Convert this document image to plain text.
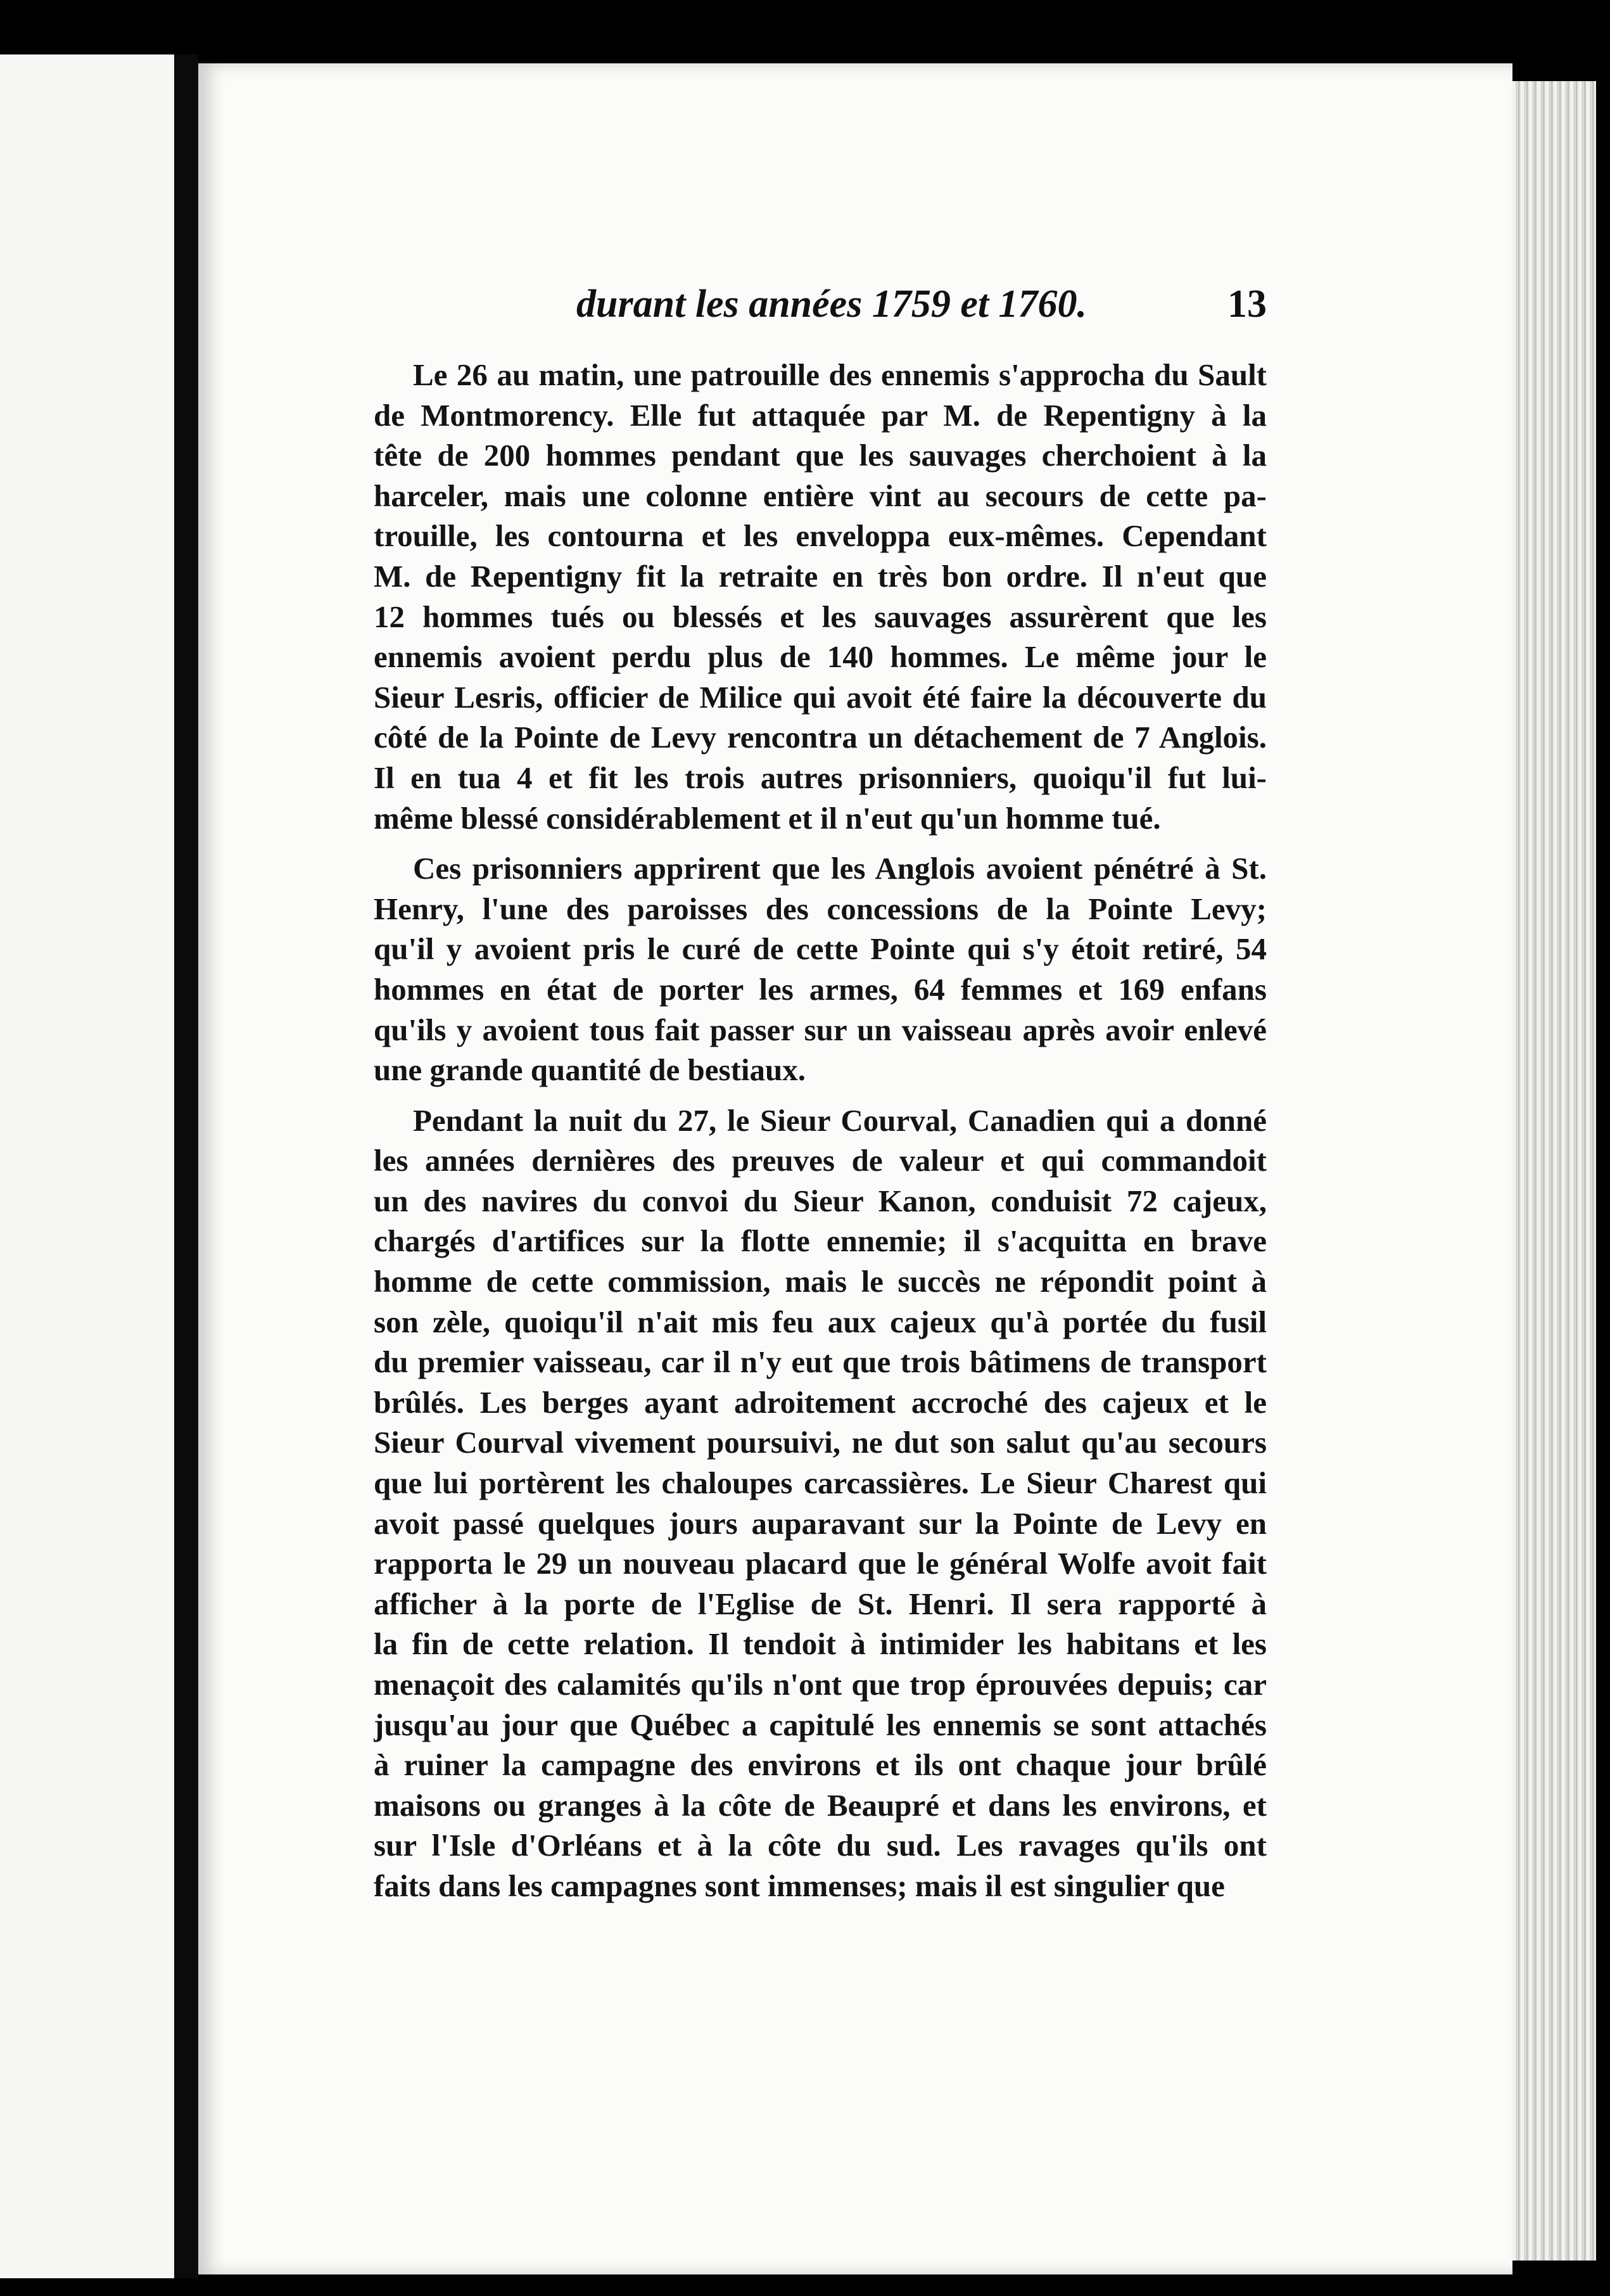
durant les années 1759 et 1760.	13
Le 26 au matin, une patrouille des ennemis s'approcha du Sault
de Montmorency. Elle fut attaquée par M. de Repentigny à la
tête de 200 hommes pendant que les sauvages cherchoient à la
harceler, mais une colonne entière vint au secours de cette pa-
trouille, les contourna et les enveloppa eux-mêmes. Cependant
M. de Repentigny fit la retraite en très bon ordre. Il n'eut que
12 hommes tués ou blessés et les sauvages assurèrent que les
ennemis avoient perdu plus de 140 hommes. Le même jour le
Sieur Lesris, officier de Milice qui avoit été faire la découverte du
côté de la Pointe de Levy rencontra un détachement de 7 Anglois.
Il en tua 4 et fit les trois autres prisonniers, quoiqu'il fut lui-
même blessé considérablement et il n'eut qu'un homme tué.
Ces prisonniers apprirent que les Anglois avoient pénétré à St.
Henry, l'une des paroisses des concessions de la Pointe Levy;
qu'il y avoient pris le curé de cette Pointe qui s'y étoit retiré, 54
hommes en état de porter les armes, 64 femmes et 169 enfans
qu'ils y avoient tous fait passer sur un vaisseau après avoir enlevé
une grande quantité de bestiaux.
Pendant la nuit du 27, le Sieur Courval, Canadien qui a donné
les années dernières des preuves de valeur et qui commandoit
un des navires du convoi du Sieur Kanon, conduisit 72 cajeux,
chargés d'artifices sur la flotte ennemie; il s'acquitta en brave
homme de cette commission, mais le succès ne répondit point à
son zèle, quoiqu'il n'ait mis feu aux cajeux qu'à portée du fusil
du premier vaisseau, car il n'y eut que trois bâtimens de transport
brûlés. Les berges ayant adroitement accroché des cajeux et le
Sieur Courval vivement poursuivi, ne dut son salut qu'au secours
que lui portèrent les chaloupes carcassières. Le Sieur Charest qui
avoit passé quelques jours auparavant sur la Pointe de Levy en
rapporta le 29 un nouveau placard que le général Wolfe avoit fait
afficher à la porte de l'Eglise de St. Henri. Il sera rapporté à
la fin de cette relation. Il tendoit à intimider les habitans et les
menaçoit des calamités qu'ils n'ont que trop éprouvées depuis; car
jusqu'au jour que Québec a capitulé les ennemis se sont attachés
à ruiner la campagne des environs et ils ont chaque jour brûlé
maisons ou granges à la côte de Beaupré et dans les environs, et
sur l'Isle d'Orléans et à la côte du sud. Les ravages qu'ils ont
faits dans les campagnes sont immenses; mais il est singulier que
